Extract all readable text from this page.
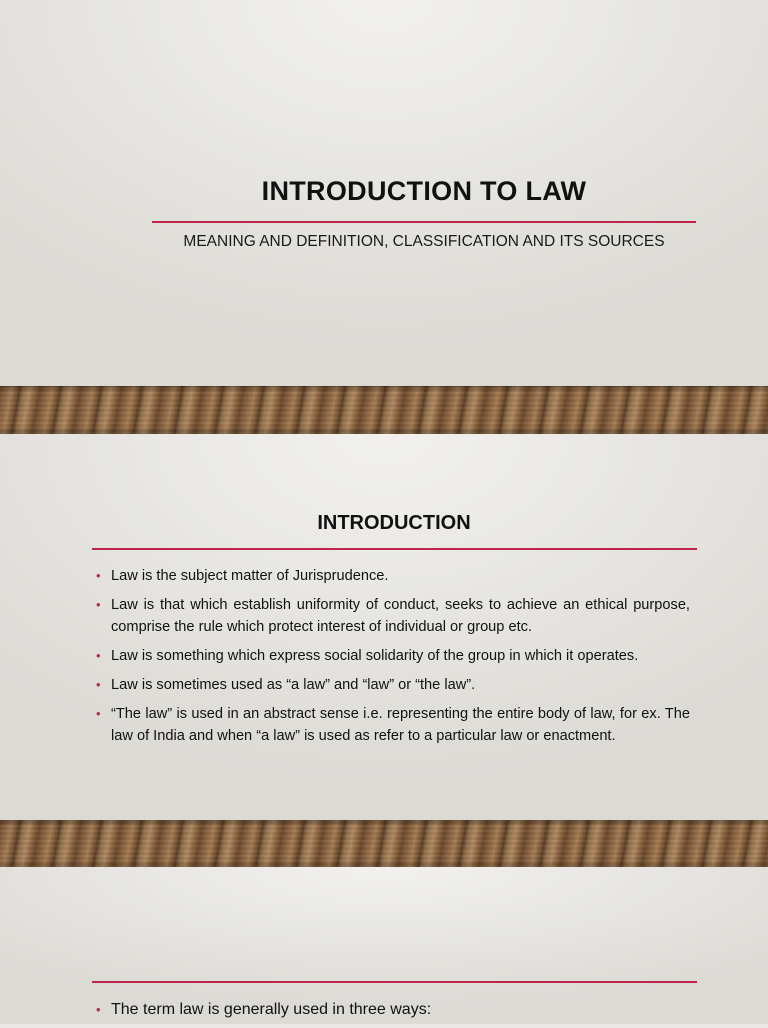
INTRODUCTION TO LAW
MEANING AND DEFINITION, CLASSIFICATION AND ITS SOURCES
INTRODUCTION
• Law is the subject matter of Jurisprudence.
• Law is that which establish uniformity of conduct, seeks to achieve an ethical purpose, comprise the rule which protect interest of individual or group etc.
• Law is something which express social solidarity of the group in which it operates.
• Law is sometimes used as “a law” and “law” or “the law”.
• “The law” is used in an abstract sense i.e. representing the entire body of law, for ex. The law of India and when “a law” is used as refer to a particular law or enactment.
• The term law is generally used in three ways:
